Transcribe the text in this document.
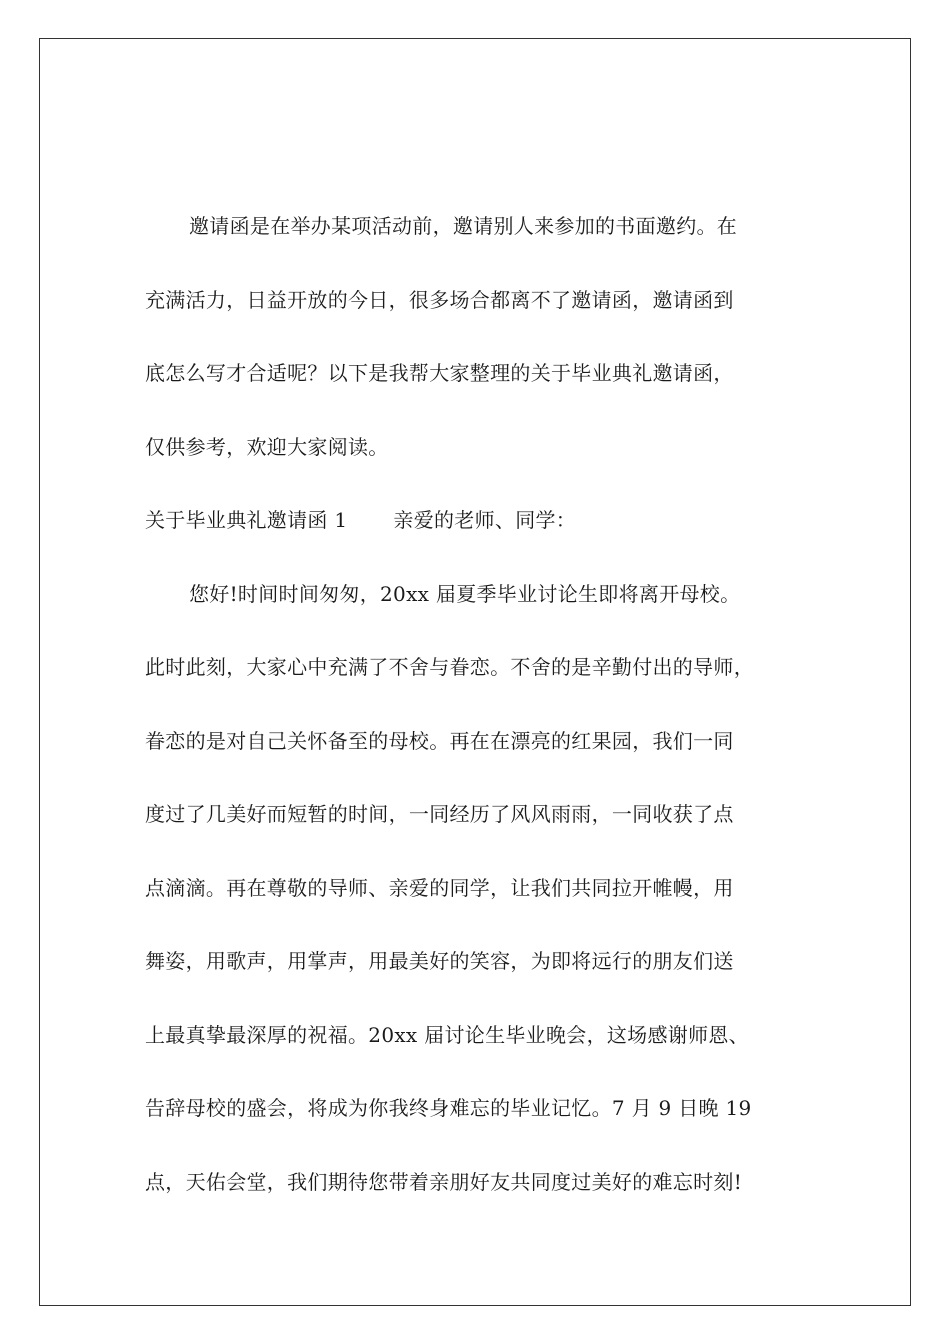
邀请函是在举办某项活动前，邀请别人来参加的书面邀约。在
充满活力，日益开放的今日，很多场合都离不了邀请函，邀请函到
底怎么写才合适呢？以下是我帮大家整理的关于毕业典礼邀请函，
仅供参考，欢迎大家阅读。
关于毕业典礼邀请函 1 亲爱的老师、同学：
您好!时间时间匆匆，20xx 届夏季毕业讨论生即将离开母校。
此时此刻，大家心中充满了不舍与眷恋。不舍的是辛勤付出的导师，
眷恋的是对自己关怀备至的母校。再在在漂亮的红果园，我们一同
度过了几美好而短暂的时间，一同经历了风风雨雨，一同收获了点
点滴滴。再在尊敬的导师、亲爱的同学，让我们共同拉开帷幔，用
舞姿，用歌声，用掌声，用最美好的笑容，为即将远行的朋友们送
上最真挚最深厚的祝福。20xx 届讨论生毕业晚会，这场感谢师恩、
告辞母校的盛会，将成为你我终身难忘的毕业记忆。7 月 9 日晚 19
点，天佑会堂，我们期待您带着亲朋好友共同度过美好的难忘时刻!
